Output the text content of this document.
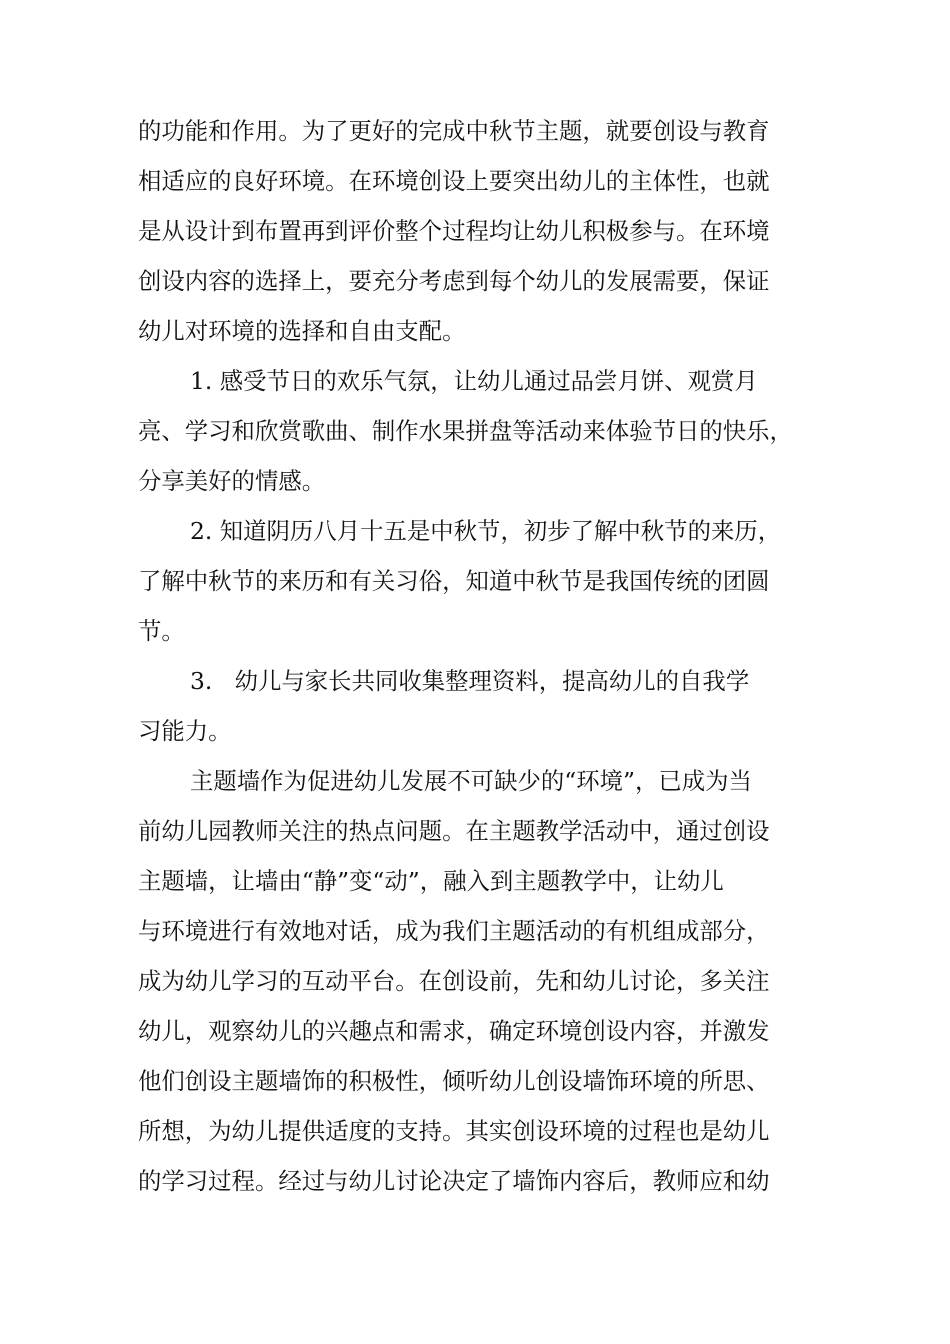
的功能和作用。为了更好的完成中秋节主题，就要创设与教育
相适应的良好环境。在环境创设上要突出幼儿的主体性，也就
是从设计到布置再到评价整个过程均让幼儿积极参与。在环境
创设内容的选择上，要充分考虑到每个幼儿的发展需要，保证
幼儿对环境的选择和自由支配。
1. 感受节日的欢乐气氛，让幼儿通过品尝月饼、观赏月
亮、学习和欣赏歌曲、制作水果拼盘等活动来体验节日的快乐，
分享美好的情感。
2. 知道阴历八月十五是中秋节，初步了解中秋节的来历，
了解中秋节的来历和有关习俗，知道中秋节是我国传统的团圆
节。
3.   幼儿与家长共同收集整理资料，提高幼儿的自我学
习能力。
主题墙作为促进幼儿发展不可缺少的“环境”，已成为当
前幼儿园教师关注的热点问题。在主题教学活动中，通过创设
主题墙，让墙由“静”变“动”，融入到主题教学中，让幼儿
与环境进行有效地对话，成为我们主题活动的有机组成部分，
成为幼儿学习的互动平台。在创设前，先和幼儿讨论，多关注
幼儿，观察幼儿的兴趣点和需求，确定环境创设内容，并激发
他们创设主题墙饰的积极性，倾听幼儿创设墙饰环境的所思、
所想，为幼儿提供适度的支持。其实创设环境的过程也是幼儿
的学习过程。经过与幼儿讨论决定了墙饰内容后，教师应和幼
